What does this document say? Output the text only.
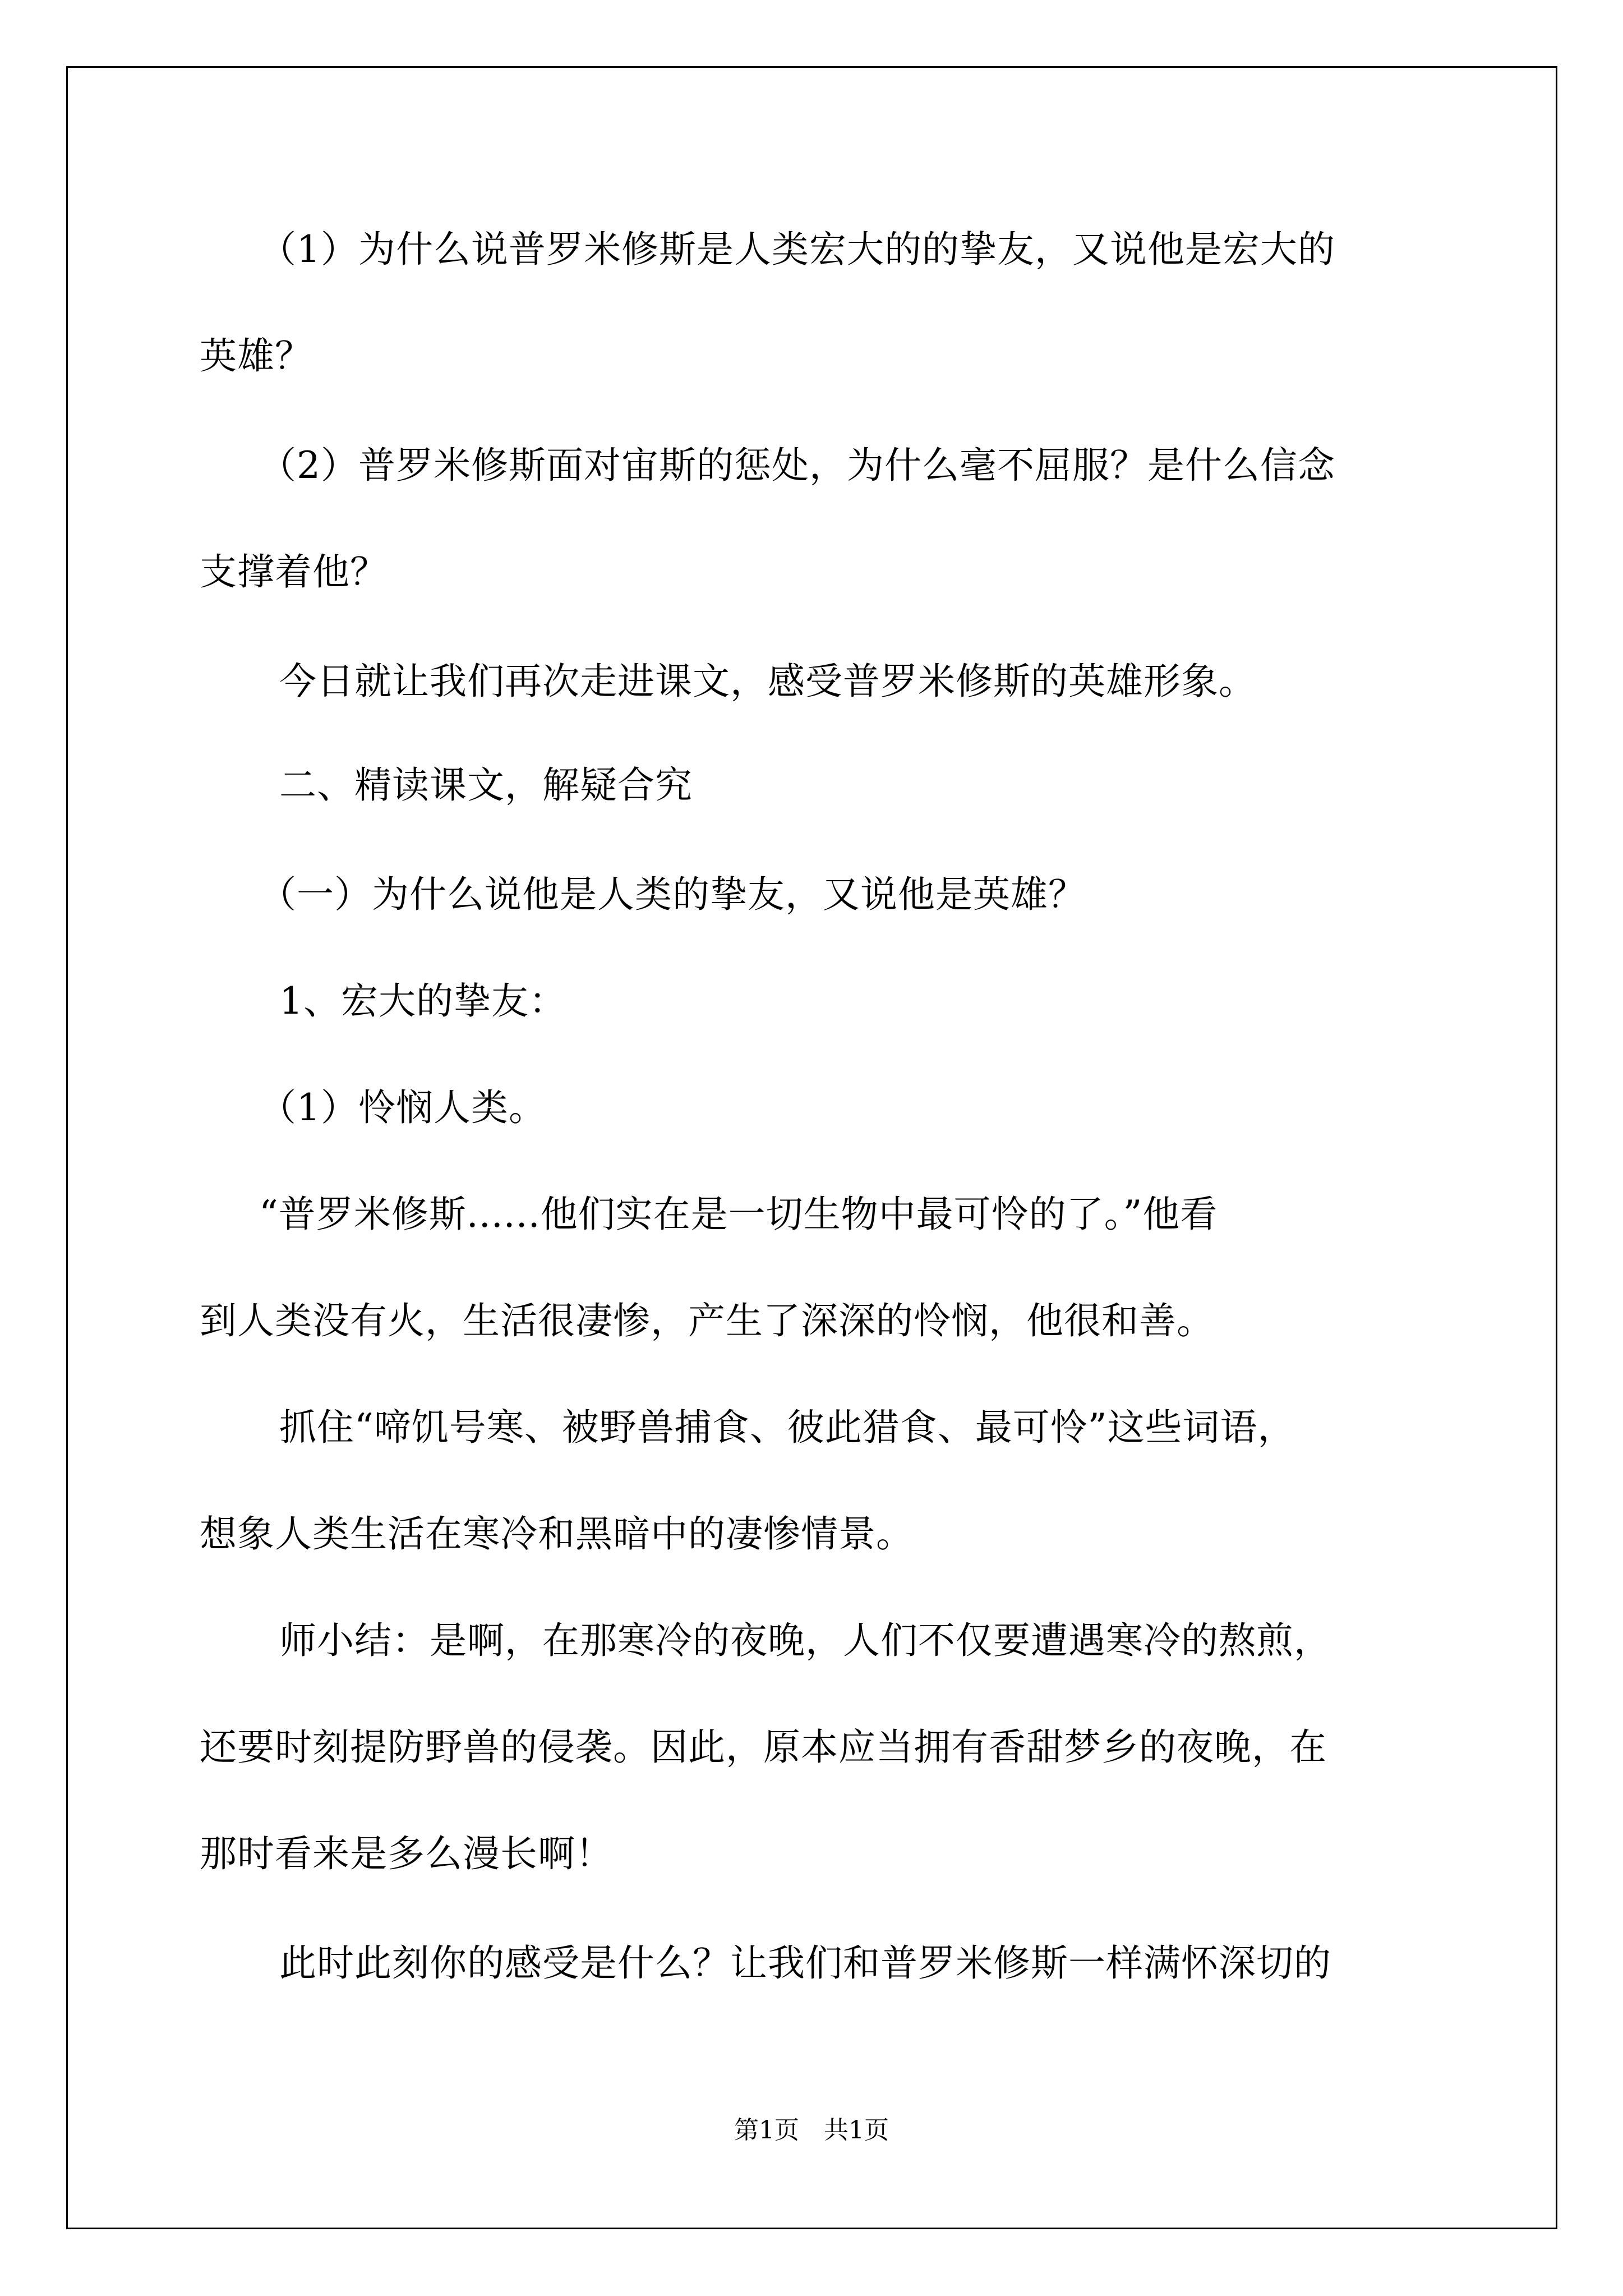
（1）为什么说普罗米修斯是人类宏大的的挚友，又说他是宏大的
英雄？
（2）普罗米修斯面对宙斯的惩处，为什么毫不屈服？是什么信念
支撑着他？
今日就让我们再次走进课文，感受普罗米修斯的英雄形象。
二、精读课文，解疑合究
（一）为什么说他是人类的挚友，又说他是英雄？
1、宏大的挚友：
（1）怜悯人类。
“普罗米修斯......他们实在是一切生物中最可怜的了。”他看
到人类没有火，生活很凄惨，产生了深深的怜悯，他很和善。
抓住“啼饥号寒、被野兽捕食、彼此猎食、最可怜”这些词语，
想象人类生活在寒冷和黑暗中的凄惨情景。
师小结：是啊，在那寒冷的夜晚，人们不仅要遭遇寒冷的熬煎，
还要时刻提防野兽的侵袭。因此，原本应当拥有香甜梦乡的夜晚，在
那时看来是多么漫长啊！
此时此刻你的感受是什么？让我们和普罗米修斯一样满怀深切的
第1页　共1页
